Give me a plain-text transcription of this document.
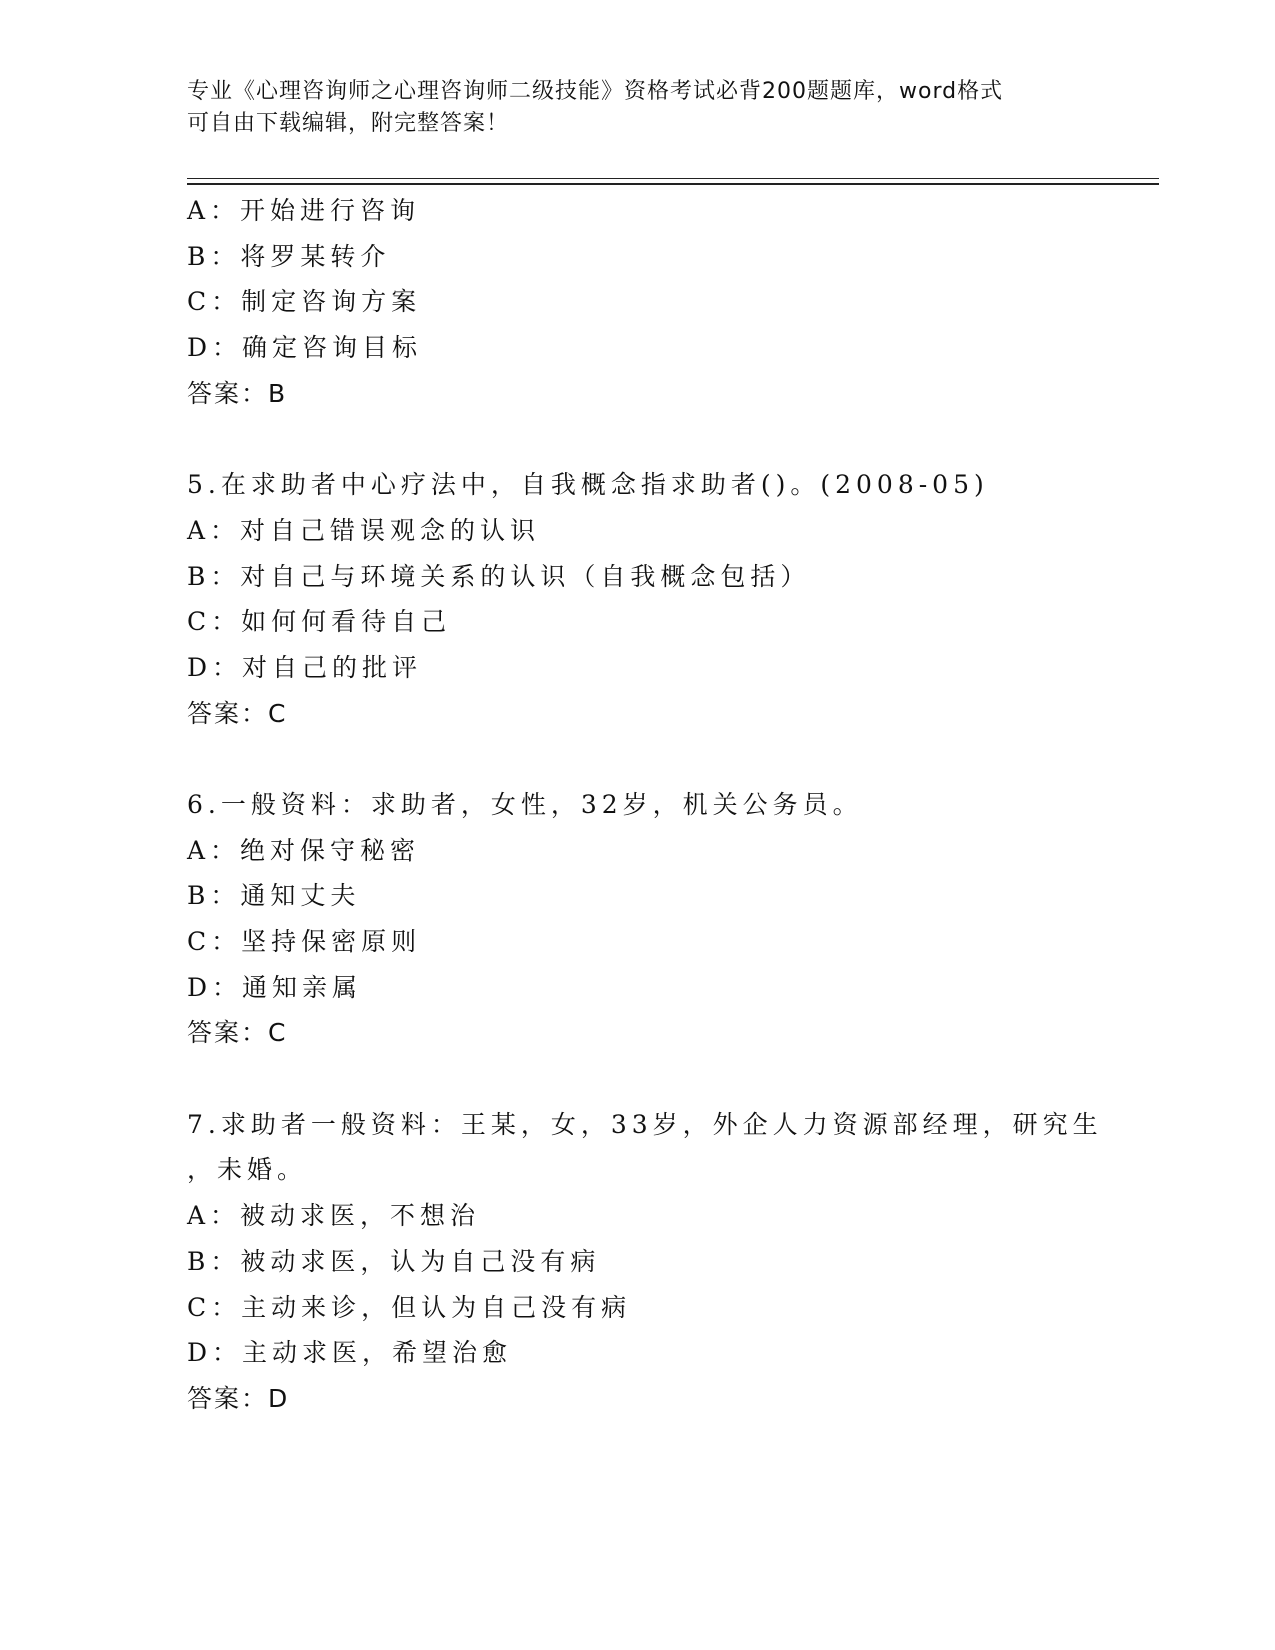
专业《心理咨询师之心理咨询师二级技能》资格考试必背200题题库，word格式
可自由下载编辑，附完整答案！
A：开始进行咨询
B：将罗某转介
C：制定咨询方案
D：确定咨询目标
答案：B
5.在求助者中心疗法中，自我概念指求助者()。(2008-05)
A：对自己错误观念的认识
B：对自己与环境关系的认识（自我概念包括）
C：如何何看待自己
D：对自己的批评
答案：C
6.一般资料：求助者，女性，32岁，机关公务员。
A：绝对保守秘密
B：通知丈夫
C：坚持保密原则
D：通知亲属
答案：C
7.求助者一般资料：王某，女，33岁，外企人力资源部经理，研究生
，未婚。
A：被动求医，不想治
B：被动求医，认为自己没有病
C：主动来诊，但认为自己没有病
D：主动求医，希望治愈
答案：D
